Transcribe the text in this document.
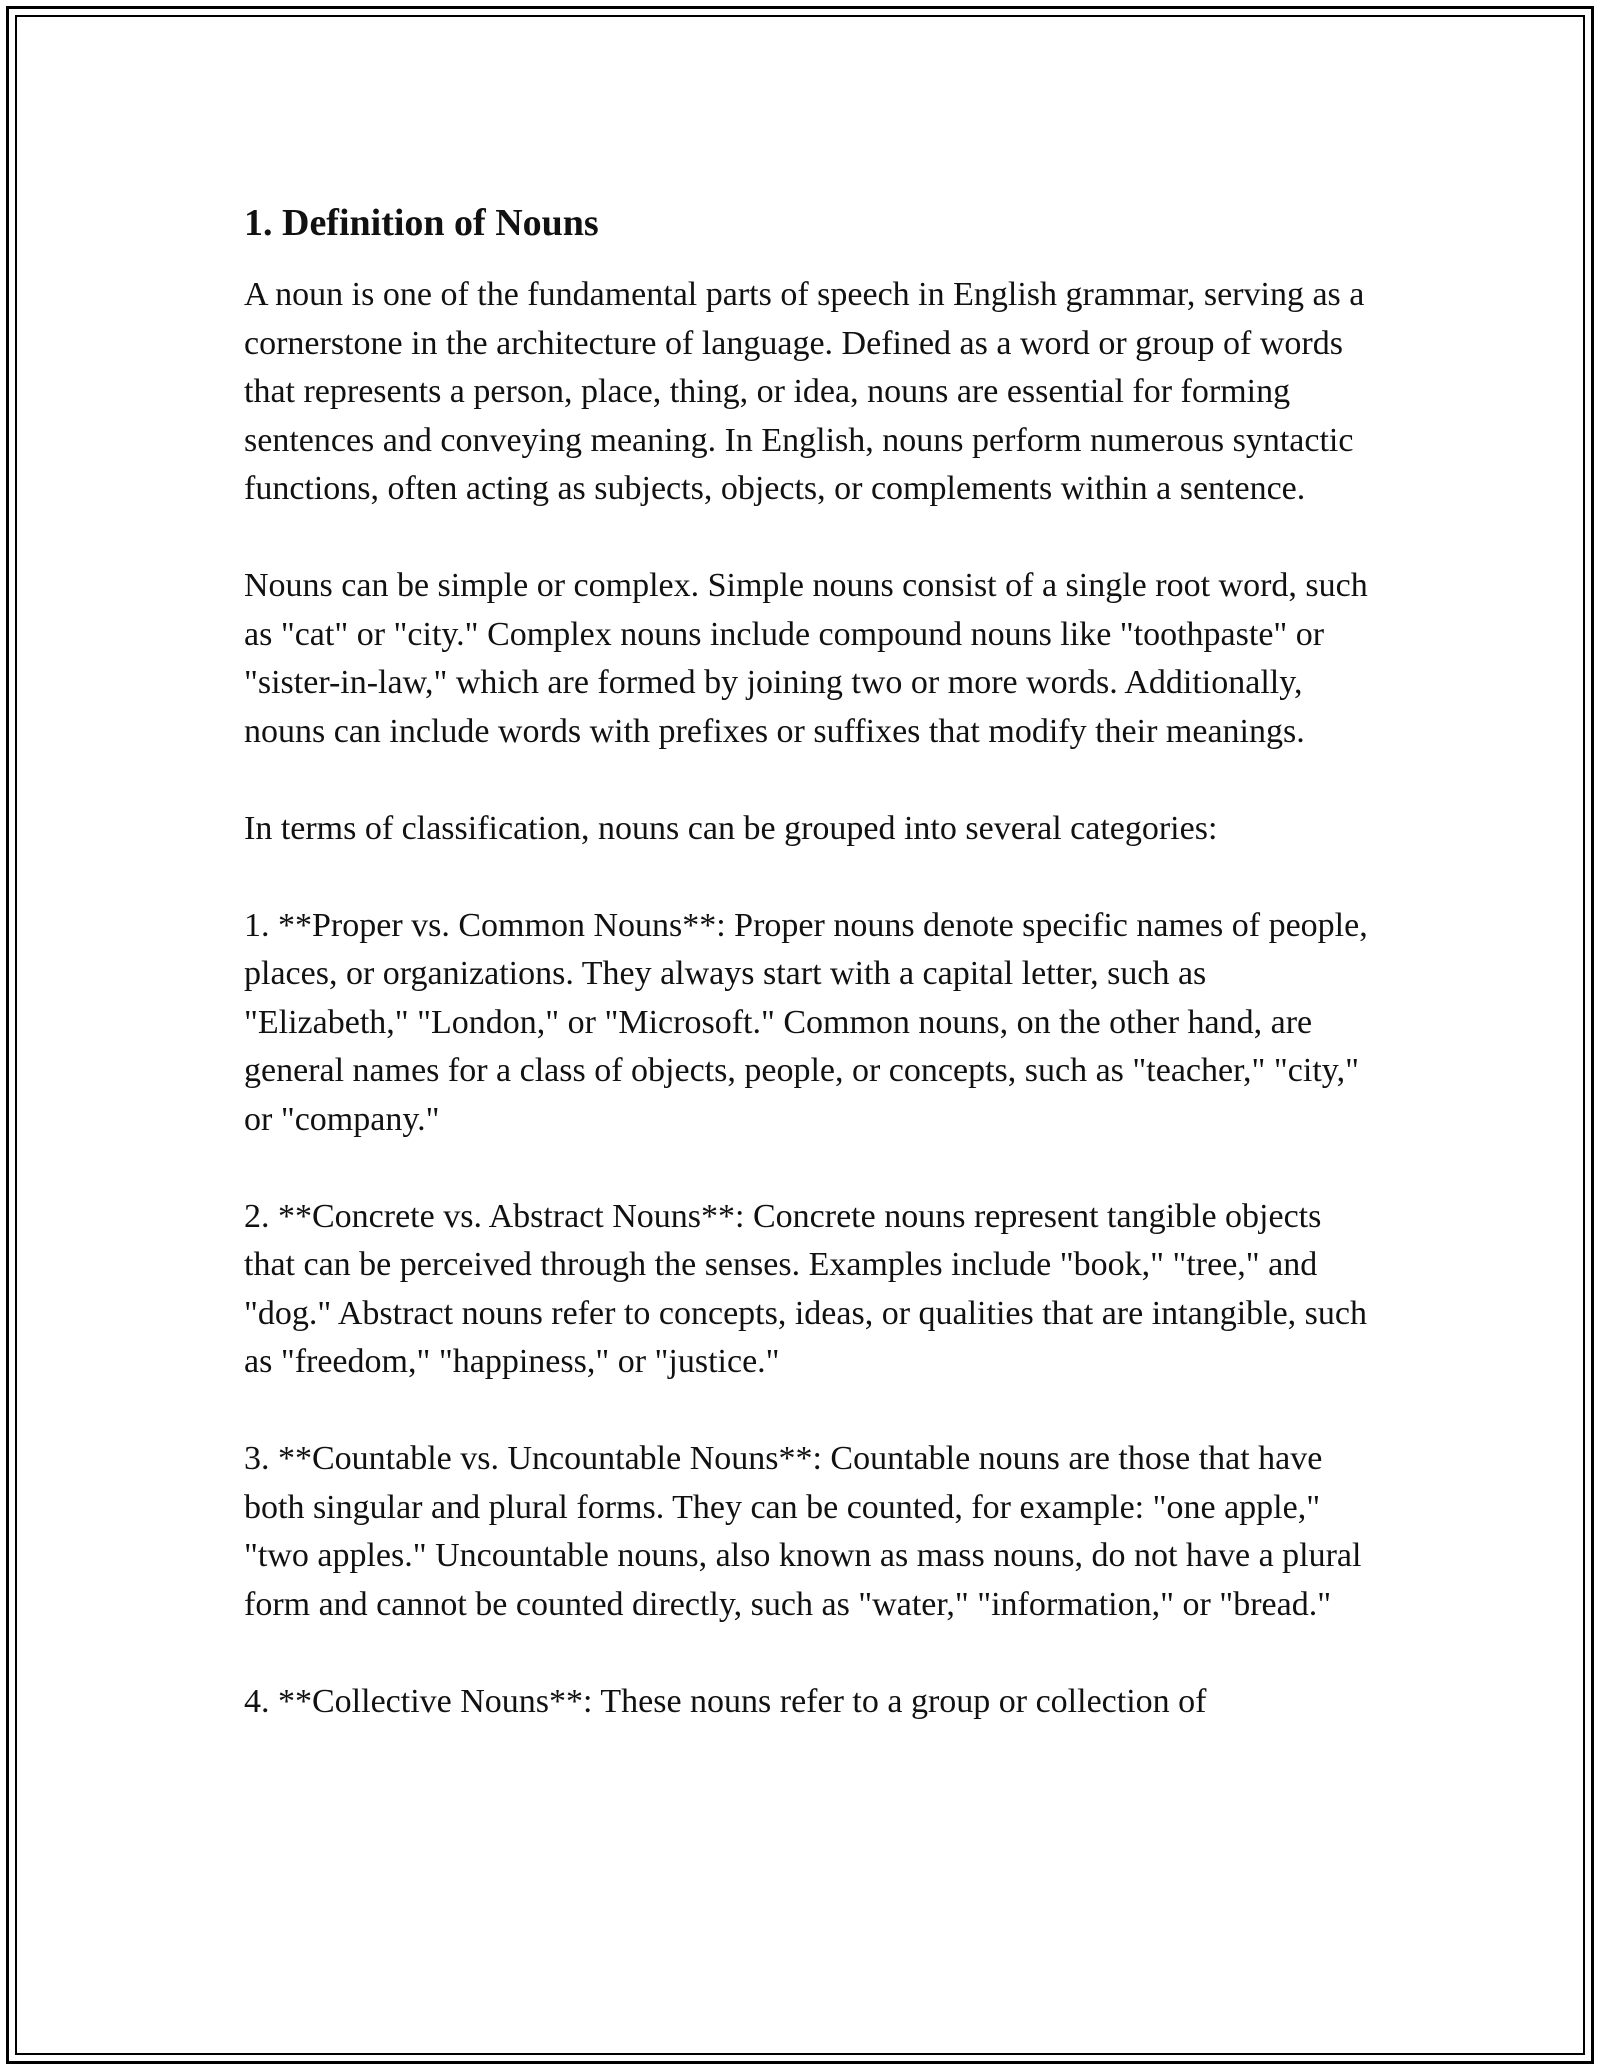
1. Definition of Nouns

A noun is one of the fundamental parts of speech in English grammar, serving as a cornerstone in the architecture of language. Defined as a word or group of words that represents a person, place, thing, or idea, nouns are essential for forming sentences and conveying meaning. In English, nouns perform numerous syntactic functions, often acting as subjects, objects, or complements within a sentence.

Nouns can be simple or complex. Simple nouns consist of a single root word, such as "cat" or "city." Complex nouns include compound nouns like "toothpaste" or "sister-in-law," which are formed by joining two or more words. Additionally, nouns can include words with prefixes or suffixes that modify their meanings.

In terms of classification, nouns can be grouped into several categories:

1. **Proper vs. Common Nouns**: Proper nouns denote specific names of people, places, or organizations. They always start with a capital letter, such as "Elizabeth," "London," or "Microsoft." Common nouns, on the other hand, are general names for a class of objects, people, or concepts, such as "teacher," "city," or "company."

2. **Concrete vs. Abstract Nouns**: Concrete nouns represent tangible objects that can be perceived through the senses. Examples include "book," "tree," and "dog." Abstract nouns refer to concepts, ideas, or qualities that are intangible, such as "freedom," "happiness," or "justice."

3. **Countable vs. Uncountable Nouns**: Countable nouns are those that have both singular and plural forms. They can be counted, for example: "one apple," "two apples." Uncountable nouns, also known as mass nouns, do not have a plural form and cannot be counted directly, such as "water," "information," or "bread."

4. **Collective Nouns**: These nouns refer to a group or collection of
